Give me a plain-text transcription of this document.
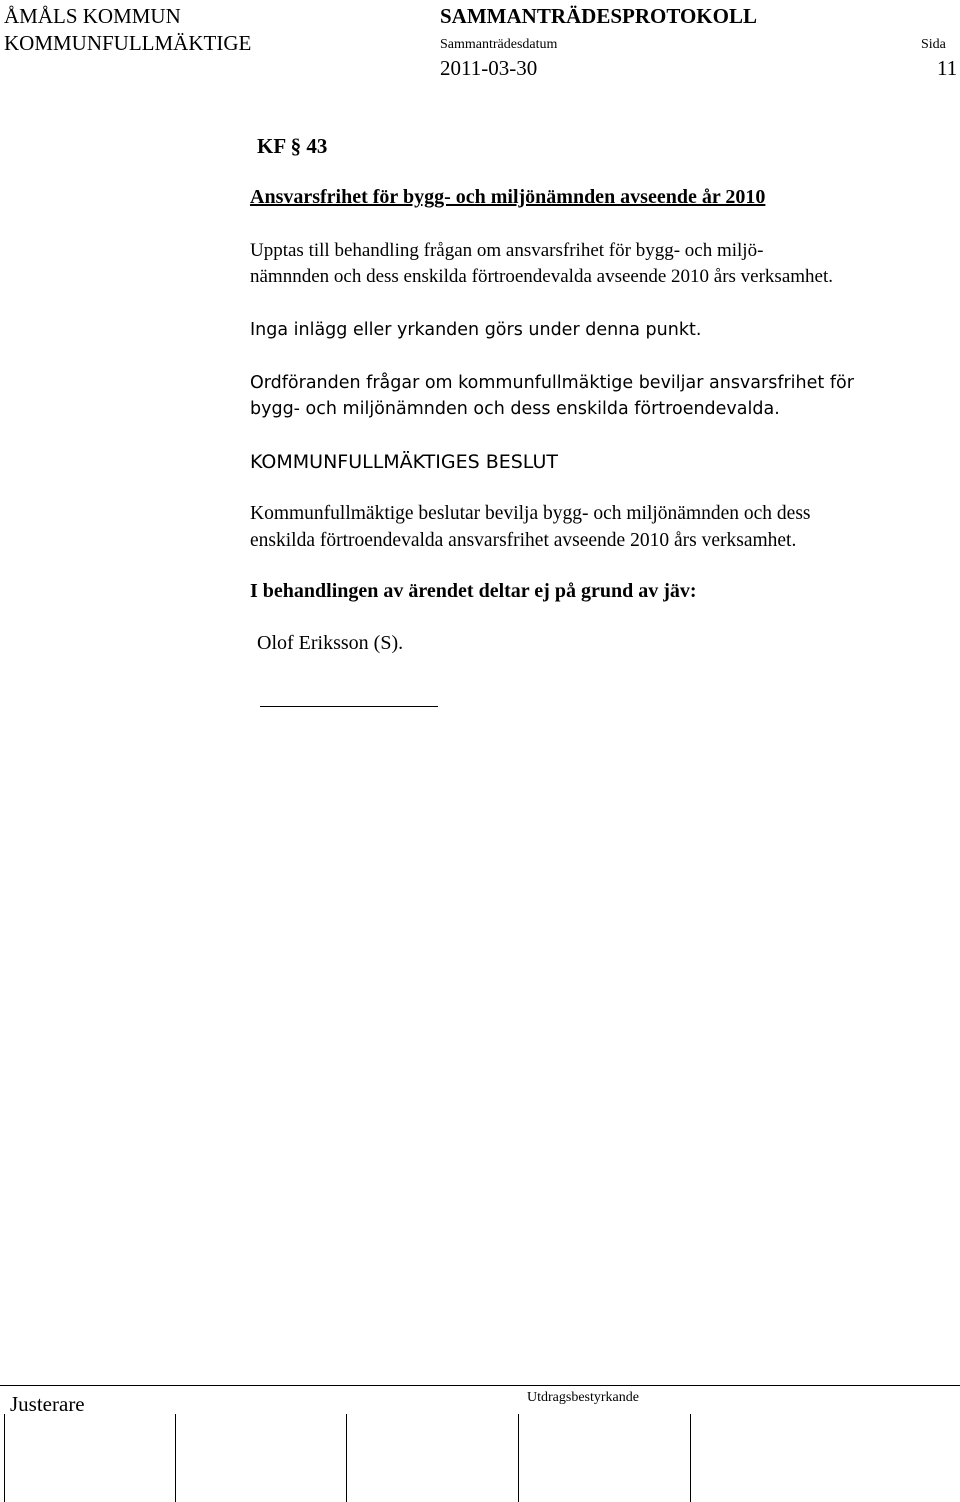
ÅMÅLS KOMMUN
KOMMUNFULLMÄKTIGE
SAMMANTRÄDESPROTOKOLL
Sammanträdesdatum	Sida
2011-03-30	11
KF § 43
Ansvarsfrihet för bygg- och miljönämnden avseende år 2010
Upptas till behandling frågan om ansvarsfrihet för bygg- och miljö-
nämnnden och dess enskilda förtroendevalda avseende 2010 års verksamhet.
Inga inlägg eller yrkanden görs under denna punkt.
Ordföranden frågar om kommunfullmäktige beviljar ansvarsfrihet för
bygg- och miljönämnden och dess enskilda förtroendevalda.
KOMMUNFULLMÄKTIGES BESLUT
Kommunfullmäktige beslutar bevilja bygg- och miljönämnden och dess
enskilda förtroendevalda ansvarsfrihet avseende 2010 års verksamhet.
I behandlingen av ärendet deltar ej på grund av jäv:
Olof Eriksson (S).
Justerare	Utdragsbestyrkande
